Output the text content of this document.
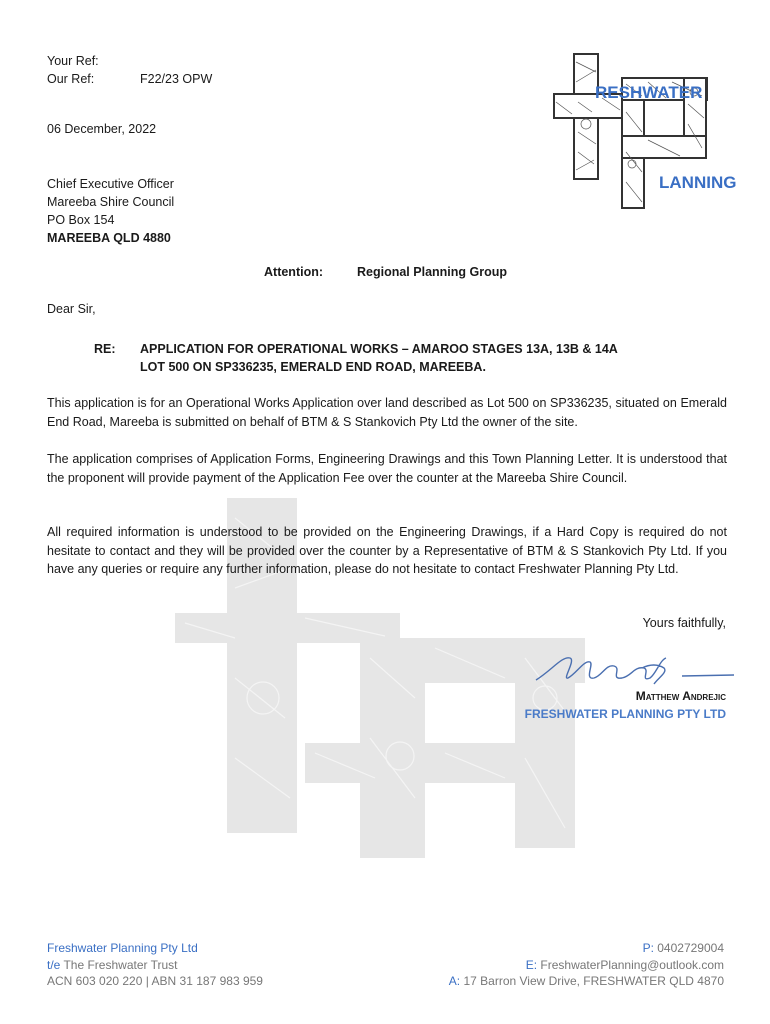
Your Ref:
Our Ref:	F22/23 OPW
RESHWATER
LANNING
06 December, 2022
Chief Executive Officer
Mareeba Shire Council
PO Box 154
MAREEBA QLD 4880
Attention:	Regional Planning Group
Dear Sir,
RE:	APPLICATION FOR OPERATIONAL WORKS – AMAROO STAGES 13A, 13B & 14A
LOT 500 ON SP336235, EMERALD END ROAD, MAREEBA.
This application is for an Operational Works Application over land described as Lot 500 on SP336235, situated on Emerald End Road, Mareeba is submitted on behalf of BTM & S Stankovich Pty Ltd the owner of the site.
The application comprises of Application Forms, Engineering Drawings and this Town Planning Letter. It is understood that the proponent will provide payment of the Application Fee over the counter at the Mareeba Shire Council.
All required information is understood to be provided on the Engineering Drawings, if a Hard Copy is required do not hesitate to contact and they will be provided over the counter by a Representative of BTM & S Stankovich Pty Ltd. If you have any queries or require any further information, please do not hesitate to contact Freshwater Planning Pty Ltd.
Yours faithfully,
Matthew Andrejic
FRESHWATER PLANNING PTY LTD
Freshwater Planning Pty Ltd
t/e The Freshwater Trust
ACN 603 020 220 | ABN 31 187 983 959
P: 0402729004
E: FreshwaterPlanning@outlook.com
A: 17 Barron View Drive, FRESHWATER QLD 4870
